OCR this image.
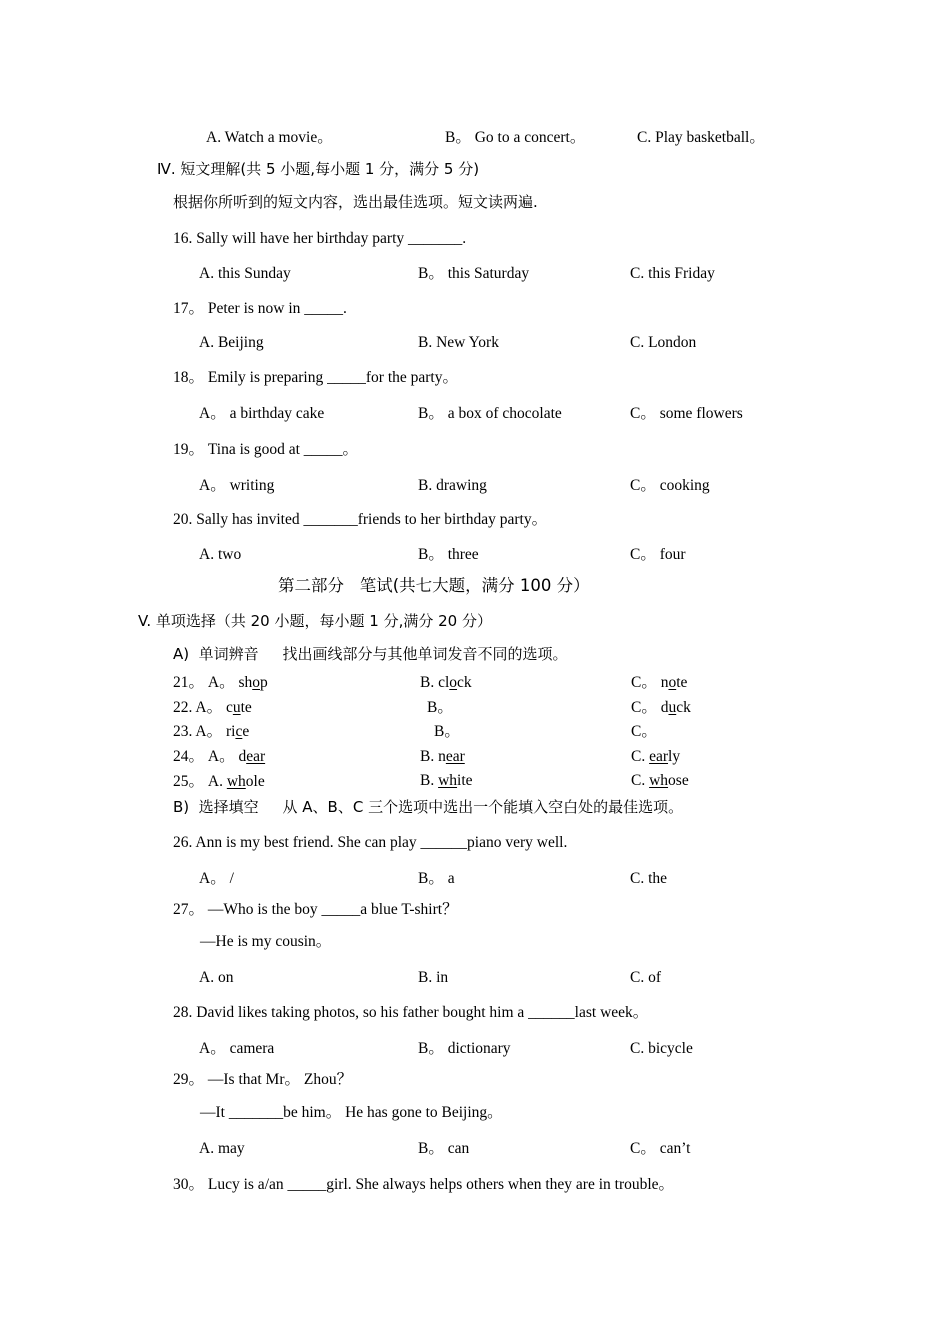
A. Watch a movie。	B。 Go to a concert。	C. Play basketball。
Ⅳ. 短文理解(共 5 小题,每小题 1 分，满分 5 分)
根据你所听到的短文内容，选出最佳选项。短文读两遍.
16. Sally will have her birthday party _______.
A. this Sunday	B。 this Saturday	C. this Friday
17。 Peter is now in _____.
A. Beijing	B. New York	C. London
18。 Emily is preparing _____for the party。
A。 a birthday cake	B。 a box of chocolate	C。 some flowers
19。 Tina is good at _____。
A。 writing	B. drawing	C。 cooking
20. Sally has invited _______friends to her birthday party。
A. two	B。 three	C。 four
第二部分   笔试(共七大题，满分 100 分）
V. 单项选择（共 20 小题，每小题 1 分,满分 20 分）
A)  单词辨音     找出画线部分与其他单词发音不同的选项。
21。 A。 shop	B. clock	C。 note
22. A。 cute	B。	C。 duck
23. A。 rice	B。	C。
24。 A。 dear	B. near	C. early
25。 A. whole	B. white	C. whose
B)  选择填空     从 A、B、C 三个选项中选出一个能填入空白处的最佳选项。
26. Ann is my best friend. She can play ______piano very well.
A。 /	B。 a	C. the
27。 —Who is the boy _____a blue T-shirt？
—He is my cousin。
A. on	B. in	C. of
28. David likes taking photos, so his father bought him a ______last week。
A。 camera	B。 dictionary	C. bicycle
29。 —Is that Mr。 Zhou？
—It _______be him。 He has gone to Beijing。
A. may	B。 can	C。 can’t
30。 Lucy is a/an _____girl. She always helps others when they are in trouble。
